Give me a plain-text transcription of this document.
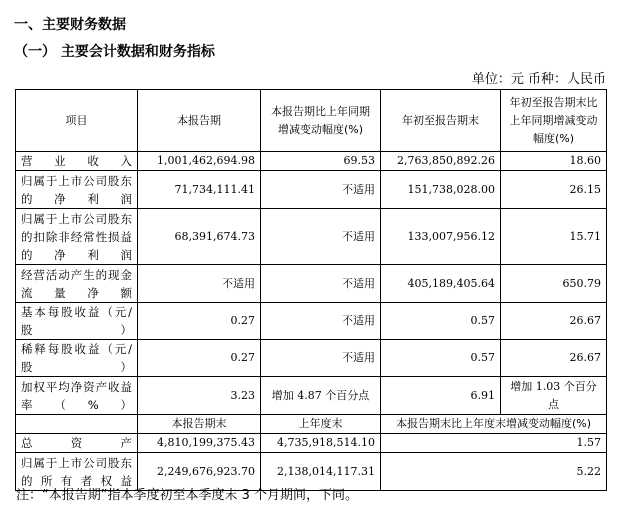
一、主要财务数据
（一） 主要会计数据和财务指标
单位：元 币种：人民币
项目	本报告期	本报告期比上年同期增减变动幅度(%)	年初至报告期末	年初至报告期末比上年同期增减变动幅度(%)
营业收入	1,001,462,694.98	69.53	2,763,850,892.26	18.60
归属于上市公司股东的净利润	71,734,111.41	不适用	151,738,028.00	26.15
归属于上市公司股东的扣除非经常性损益的净利润	68,391,674.73	不适用	133,007,956.12	15.71
经营活动产生的现金流量净额	不适用	不适用	405,189,405.64	650.79
基本每股收益（元/股）	0.27	不适用	0.57	26.67
稀释每股收益（元/股）	0.27	不适用	0.57	26.67
加权平均净资产收益率（%）	3.23	增加 4.87 个百分点	6.91	增加 1.03 个百分点
	本报告期末	上年度末	本报告期末比上年度末增减变动幅度(%)	
总资产	4,810,199,375.43	4,735,918,514.10	1.57	
归属于上市公司股东的所有者权益	2,249,676,923.70	2,138,014,117.31	5.22	
注：“本报告期”指本季度初至本季度末 3 个月期间，下同。
